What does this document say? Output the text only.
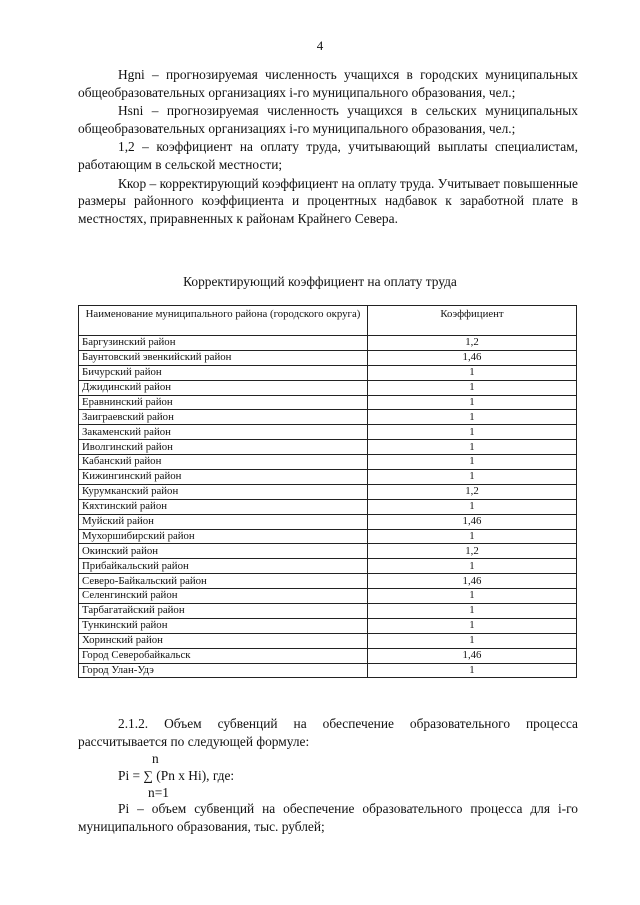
4

Hgni – прогнозируемая численность учащихся в городских муниципальных общеобразовательных организациях i-го муниципального образования, чел.;

Hsni – прогнозируемая численность учащихся в сельских муниципальных общеобразовательных организациях i-го муниципального образования, чел.;

1,2 – коэффициент на оплату труда, учитывающий выплаты специалистам, работающим в сельской местности;

Ккор – корректирующий коэффициент на оплату труда. Учитывает повышенные размеры районного коэффициента и процентных надбавок к заработной плате в местностях, приравненных к районам Крайнего Севера.

Корректирующий коэффициент на оплату труда
Наименование муниципального района (городского округа)	Коэффициент
Баргузинский район	1,2
Баунтовский эвенкийский район	1,46
Бичурский район	1
Джидинский район	1
Еравнинский район	1
Заиграевский район	1
Закаменский район	1
Иволгинский район	1
Кабанский район	1
Кижингинский район	1
Курумканский район	1,2
Кяхтинский район	1
Муйский район	1,46
Мухоршибирский район	1
Окинский район	1,2
Прибайкальский район	1
Северо-Байкальский район	1,46
Селенгинский район	1
Тарбагатайский район	1
Тункинский район	1
Хоринский район	1
Город Северобайкальск	1,46
Город Улан-Удэ	1

2.1.2. Объем субвенций на обеспечение образовательного процесса рассчитывается по следующей формуле:

n
Pi = ∑ (Pn x Hi), где:
n=1

Pi – объем субвенций на обеспечение образовательного процесса для i-го муниципального образования, тыс. рублей;
